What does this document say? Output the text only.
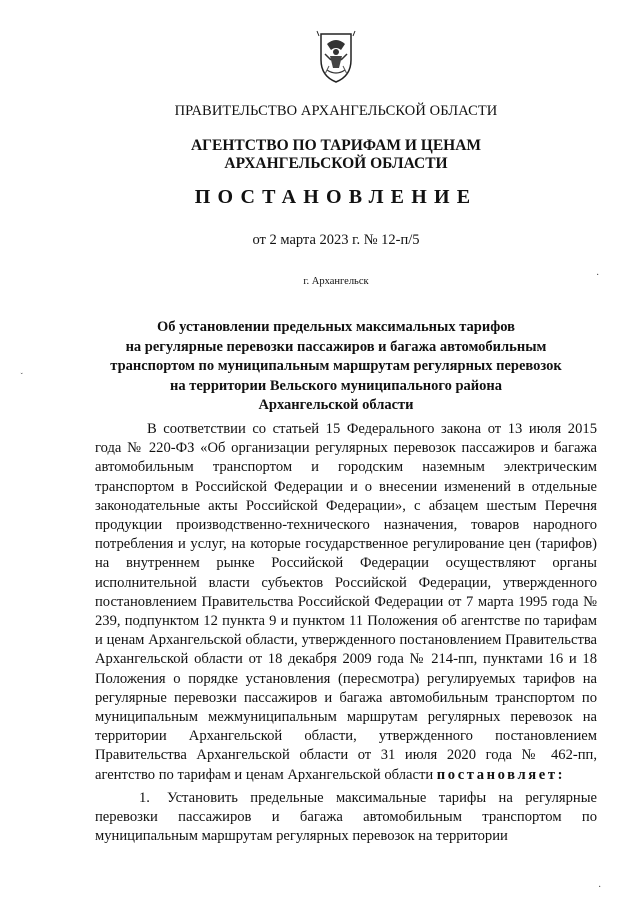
ПРАВИТЕЛЬСТВО АРХАНГЕЛЬСКОЙ ОБЛАСТИ
АГЕНТСТВО ПО ТАРИФАМ И ЦЕНАМ
АРХАНГЕЛЬСКОЙ ОБЛАСТИ
ПОСТАНОВЛЕНИЕ
от 2 марта 2023 г. № 12-п/5
г. Архангельск
Об установлении предельных максимальных тарифов
на регулярные перевозки пассажиров и багажа автомобильным
транспортом по муниципальным маршрутам регулярных перевозок
на территории Вельского муниципального района
Архангельской области
В соответствии со статьей 15 Федерального закона от 13 июля 2015 года № 220-ФЗ «Об организации регулярных перевозок пассажиров и багажа автомобильным транспортом и городским наземным электрическим транспортом в Российской Федерации и о внесении изменений в отдельные законодательные акты Российской Федерации», с абзацем шестым Перечня продукции производственно-технического назначения, товаров народного потребления и услуг, на которые государственное регулирование цен (тарифов) на внутреннем рынке Российской Федерации осуществляют органы исполнительной власти субъектов Российской Федерации, утвержденного постановлением Правительства Российской Федерации от 7 марта 1995 года № 239, подпунктом 12 пункта 9 и пунктом 11 Положения об агентстве по тарифам и ценам Архангельской области, утвержденного постановлением Правительства Архангельской области от 18 декабря 2009 года № 214-пп, пунктами 16 и 18 Положения о порядке установления (пересмотра) регулируемых тарифов на регулярные перевозки пассажиров и багажа автомобильным транспортом по муниципальным межмуниципальным маршрутам регулярных перевозок на территории Архангельской области, утвержденного постановлением Правительства Архангельской области от 31 июля 2020 года № 462-пп, агентство по тарифам и ценам Архангельской области постановляет:
1. Установить предельные максимальные тарифы на регулярные перевозки пассажиров и багажа автомобильным транспортом по муниципальным маршрутам регулярных перевозок на территории
·
˯
·
